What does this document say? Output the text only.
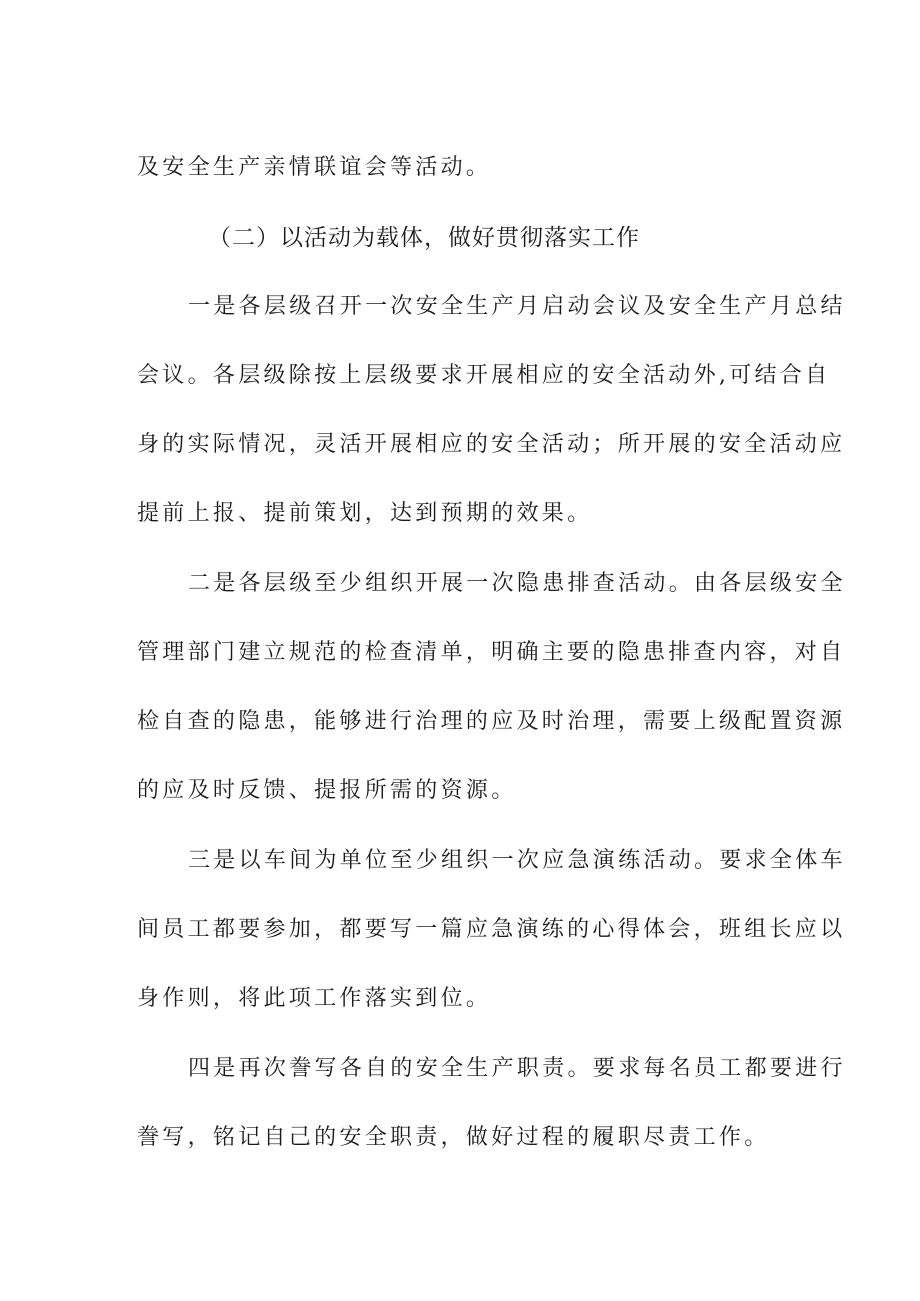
及安全生产亲情联谊会等活动。
（二）以活动为载体，做好贯彻落实工作
一是各层级召开一次安全生产月启动会议及安全生产月总结
会议。各层级除按上层级要求开展相应的安全活动外,可结合自
身的实际情况，灵活开展相应的安全活动；所开展的安全活动应
提前上报、提前策划，达到预期的效果。
二是各层级至少组织开展一次隐患排查活动。由各层级安全
管理部门建立规范的检查清单，明确主要的隐患排查内容，对自
检自查的隐患，能够进行治理的应及时治理，需要上级配置资源
的应及时反馈、提报所需的资源。
三是以车间为单位至少组织一次应急演练活动。要求全体车
间员工都要参加，都要写一篇应急演练的心得体会，班组长应以
身作则，将此项工作落实到位。
四是再次誊写各自的安全生产职责。要求每名员工都要进行
誊写，铭记自己的安全职责，做好过程的履职尽责工作。
